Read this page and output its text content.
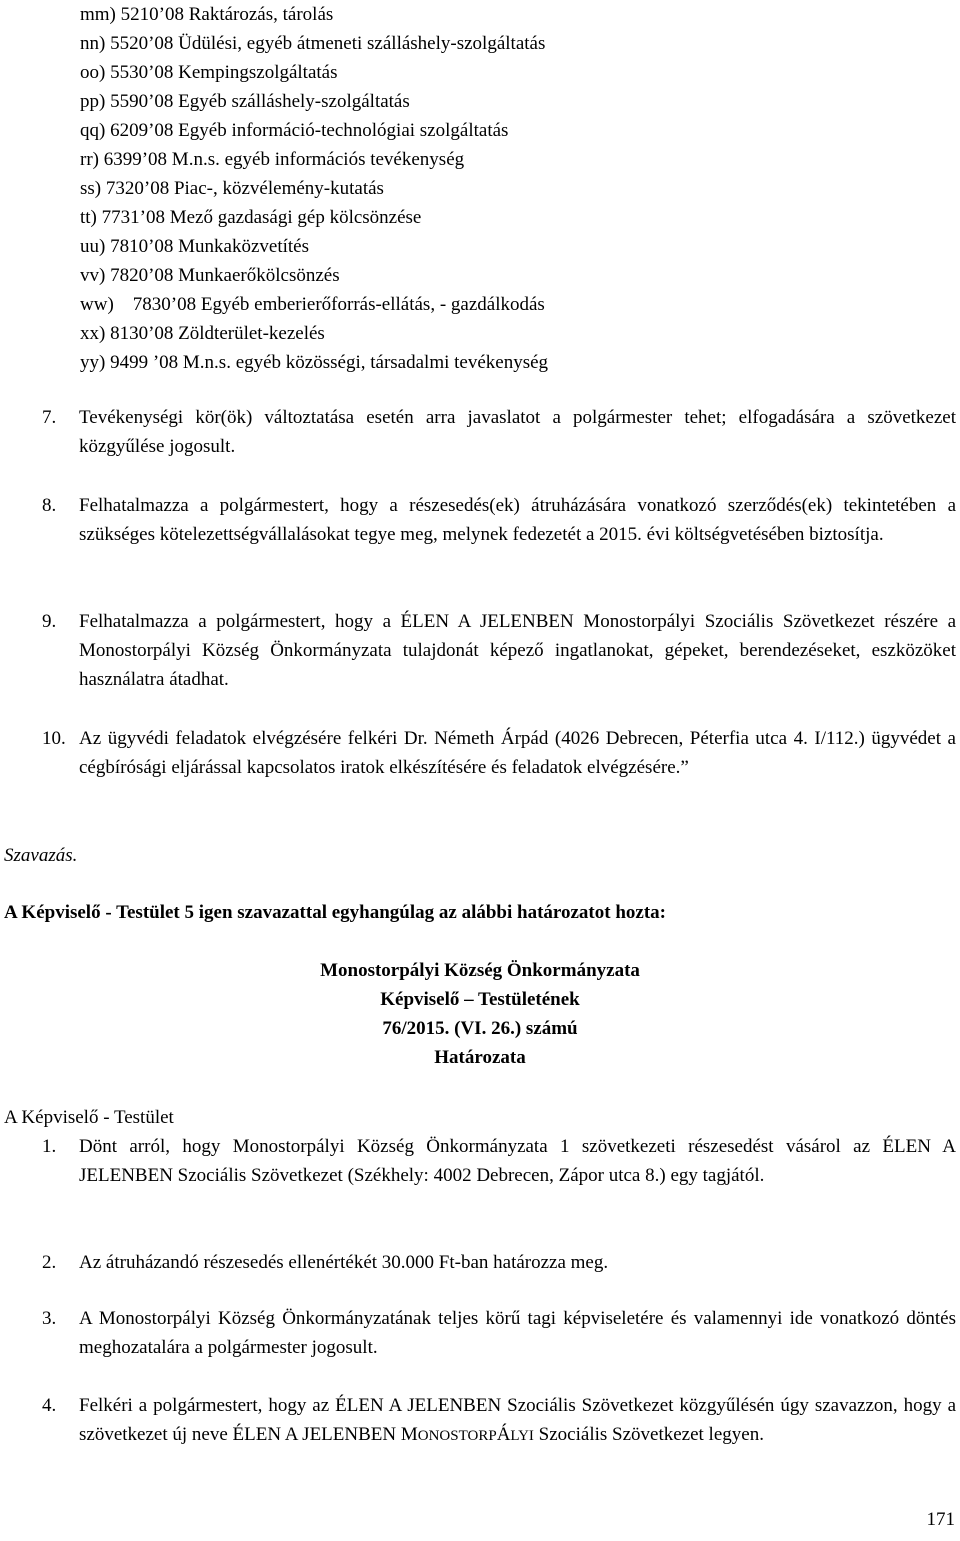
mm) 5210’08 Raktározás, tárolás
nn) 5520’08 Üdülési, egyéb átmeneti szálláshely-szolgáltatás
oo) 5530’08 Kempingszolgáltatás
pp) 5590’08 Egyéb szálláshely-szolgáltatás
qq) 6209’08 Egyéb információ-technológiai szolgáltatás
rr) 6399’08 M.n.s. egyéb információs tevékenység
ss) 7320’08 Piac-, közvélemény-kutatás
tt) 7731’08 Mező gazdasági gép kölcsönzése
uu) 7810’08 Munkaközvetítés
vv) 7820’08 Munkaerőkölcsönzés
ww) 7830’08 Egyéb emberierőforrás-ellátás, - gazdálkodás
xx) 8130’08 Zöldterület-kezelés
yy) 9499 ’08 M.n.s. egyéb közösségi, társadalmi tevékenység
7. Tevékenységi kör(ök) változtatása esetén arra javaslatot a polgármester tehet; elfogadására a szövetkezet közgyűlése jogosult.
8. Felhatalmazza a polgármestert, hogy a részesedés(ek) átruházására vonatkozó szerződés(ek) tekintetében a szükséges kötelezettségvállalásokat tegye meg, melynek fedezetét a 2015. évi költségvetésében biztosítja.
9. Felhatalmazza a polgármestert, hogy a ÉLEN A JELENBEN Monostorpályi Szociális Szövetkezet részére a Monostorpályi Község Önkormányzata tulajdonát képező ingatlanokat, gépeket, berendezéseket, eszközöket használatra átadhat.
10. Az ügyvédi feladatok elvégzésére felkéri Dr. Németh Árpád (4026 Debrecen, Péterfia utca 4. I/112.) ügyvédet a cégbírósági eljárással kapcsolatos iratok elkészítésére és feladatok elvégzésére.”
Szavazás.
A Képviselő - Testület 5 igen szavazattal egyhangúlag az alábbi határozatot hozta:
Monostorpályi Község Önkormányzata
Képviselő – Testületének
76/2015. (VI. 26.) számú
Határozata
A Képviselő - Testület
1. Dönt arról, hogy Monostorpályi Község Önkormányzata 1 szövetkezeti részesedést vásárol az ÉLEN A JELENBEN Szociális Szövetkezet (Székhely: 4002 Debrecen, Zápor utca 8.) egy tagjától.
2. Az átruházandó részesedés ellenértékét 30.000 Ft-ban határozza meg.
3. A Monostorpályi Község Önkormányzatának teljes körű tagi képviseletére és valamennyi ide vonatkozó döntés meghozatalára a polgármester jogosult.
4. Felkéri a polgármestert, hogy az ÉLEN A JELENBEN Szociális Szövetkezet közgyűlésén úgy szavazzon, hogy a szövetkezet új neve ÉLEN A JELENBEN MONOSTORPÁLYI Szociális Szövetkezet legyen.
171
